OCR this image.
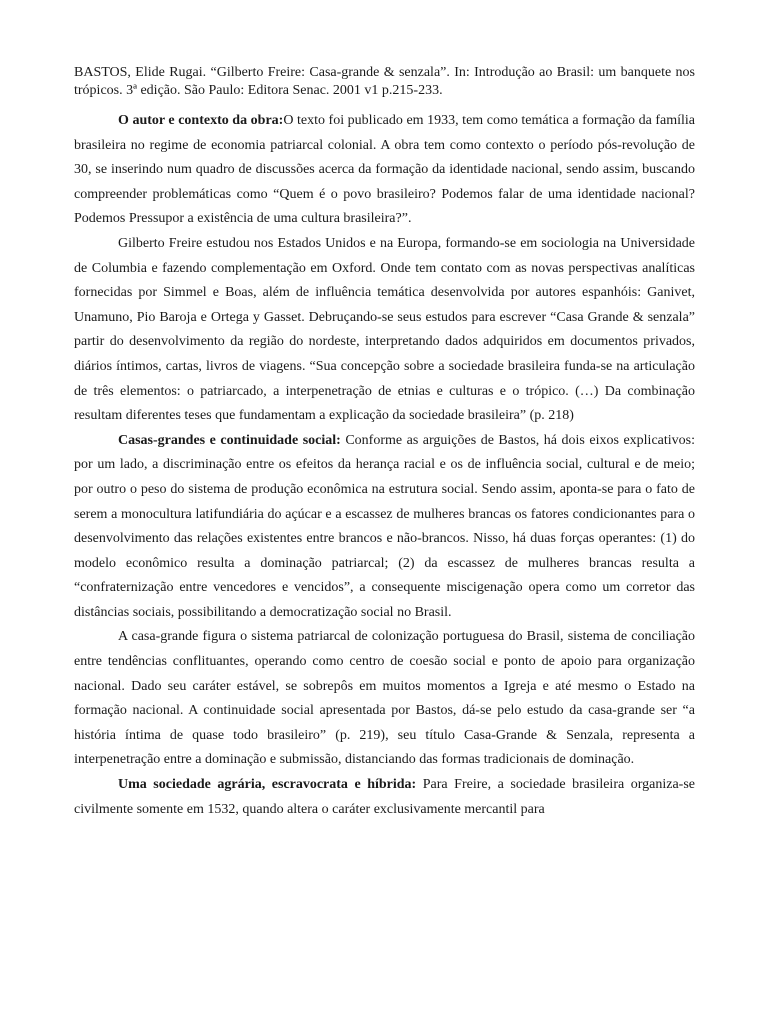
BASTOS, Elide Rugai. “Gilberto Freire: Casa-grande & senzala”. In: Introdução ao Brasil: um banquete nos trópicos. 3ª edição. São Paulo: Editora Senac. 2001 v1 p.215-233.

O autor e contexto da obra:O texto foi publicado em 1933, tem como temática a formação da família brasileira no regime de economia patriarcal colonial. A obra tem como contexto o período pós-revolução de 30, se inserindo num quadro de discussões acerca da formação da identidade nacional, sendo assim, buscando compreender problemáticas como “Quem é o povo brasileiro? Podemos falar de uma identidade nacional? Podemos Pressupor a existência de uma cultura brasileira?”.

Gilberto Freire estudou nos Estados Unidos e na Europa, formando-se em sociologia na Universidade de Columbia e fazendo complementação em Oxford. Onde tem contato com as novas perspectivas analíticas fornecidas por Simmel e Boas, além de influência temática desenvolvida por autores espanhóis: Ganivet, Unamuno, Pio Baroja e Ortega y Gasset. Debruçando-se seus estudos para escrever “Casa Grande & senzala” partir do desenvolvimento da região do nordeste, interpretando dados adquiridos em documentos privados, diários íntimos, cartas, livros de viagens. “Sua concepção sobre a sociedade brasileira funda-se na articulação de três elementos: o patriarcado, a interpenetração de etnias e culturas e o trópico. (…) Da combinação resultam diferentes teses que fundamentam a explicação da sociedade brasileira” (p. 218)

Casas-grandes e continuidade social: Conforme as arguições de Bastos, há dois eixos explicativos: por um lado, a discriminação entre os efeitos da herança racial e os de influência social, cultural e de meio; por outro o peso do sistema de produção econômica na estrutura social. Sendo assim, aponta-se para o fato de serem a monocultura latifundiária do açúcar e a escassez de mulheres brancas os fatores condicionantes para o desenvolvimento das relações existentes entre brancos e não-brancos. Nisso, há duas forças operantes: (1) do modelo econômico resulta a dominação patriarcal; (2) da escassez de mulheres brancas resulta a “confraternização entre vencedores e vencidos”, a consequente miscigenação opera como um corretor das distâncias sociais, possibilitando a democratização social no Brasil.

A casa-grande figura o sistema patriarcal de colonização portuguesa do Brasil, sistema de conciliação entre tendências conflituantes, operando como centro de coesão social e ponto de apoio para organização nacional. Dado seu caráter estável, se sobrepôs em muitos momentos a Igreja e até mesmo o Estado na formação nacional. A continuidade social apresentada por Bastos, dá-se pelo estudo da casa-grande ser “a história íntima de quase todo brasileiro” (p. 219), seu título Casa-Grande & Senzala, representa a interpenetração entre a dominação e submissão, distanciando das formas tradicionais de dominação.

Uma sociedade agrária, escravocrata e híbrida: Para Freire, a sociedade brasileira organiza-se civilmente somente em 1532, quando altera o caráter exclusivamente mercantil para
